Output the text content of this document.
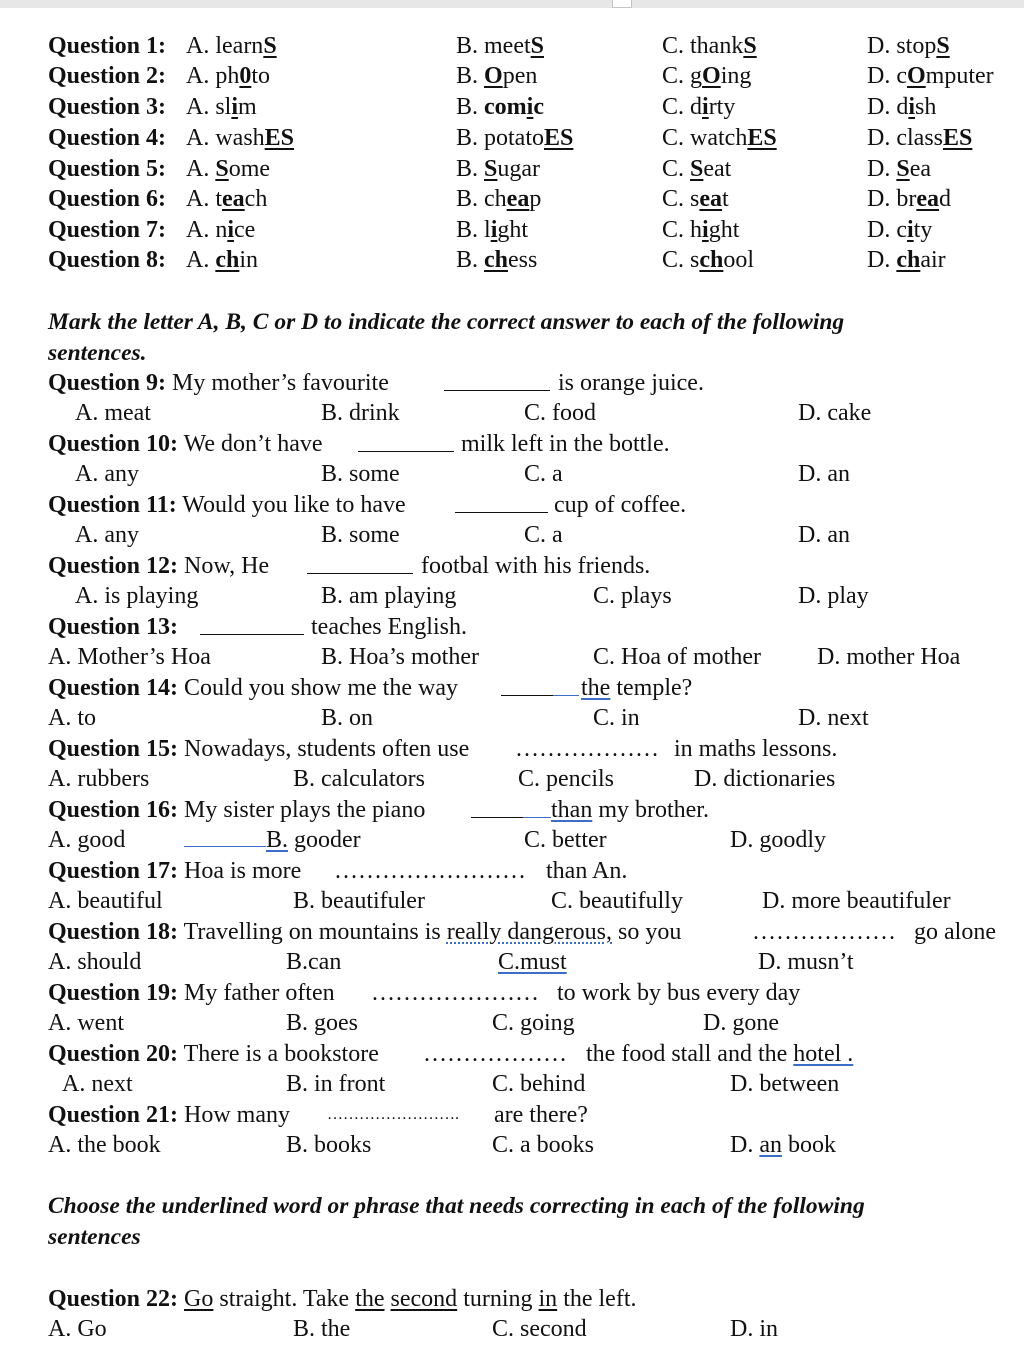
Question 1: A. learnS	B. meetS	C. thankS	D. stopS
Question 2: A. ph0to	B. Open	C. gOing	D. cOmputer
Question 3: A. slim	B. comic	C. dirty	D. dish
Question 4: A. washES	B. potatoES	C. watchES	D. classES
Question 5: A. Some	B. Sugar	C. Seat	D. Sea
Question 6: A. teach	B. cheap	C. seat	D. bread
Question 7: A. nice	B. light	C. hight	D. city
Question 8: A. chin	B. chess	C. school	D. chair
Mark the letter A, B, C or D to indicate the correct answer to each of the following
sentences.
Question 9: My mother’s favourite	is orange juice.
A. meat	B. drink	C. food	D. cake
Question 10: We don’t have	milk left in the bottle.
A. any	B. some	C. a	D. an
Question 11: Would you like to have	cup of coffee.
A. any	B. some	C. a	D. an
Question 12: Now, He	footbal with his friends.
A. is playing	B. am playing	C. plays	D. play
Question 13:	teaches English.
A. Mother’s Hoa	B. Hoa’s mother	C. Hoa of mother D. mother Hoa
Question 14: Could you show me the way	the temple?
A. to	B. on	C. in	D. next
Question 15: Nowadays, students often use ……………… in maths lessons.
A. rubbers	B. calculators	C. pencils	D. dictionaries
Question 16: My sister plays the piano	than my brother.
A. good	B. gooder	C. better	D. goodly
Question 17: Hoa is more …………………… than An.
A. beautiful	B. beautifuler	C. beautifully	D. more beautifuler
Question 18: Travelling on mountains is really dangerous, so you	……………… go alone
A. should	B.can	C.must	D. musn’t
Question 19: My father often ………………… to work by bus every day
A. went	B. goes	C. going	D. gone
Question 20: There is a bookstore ……………… the food stall and the hotel .
A. next	B. in front	C. behind	D. between
Question 21: How many …………………….	are there?
A. the book	B. books	C. a books	D. an book
Choose the underlined word or phrase that needs correcting in each of the following
sentences
Question 22: Go straight. Take the second turning in the left.
A. Go	B. the	C. second	D. in
